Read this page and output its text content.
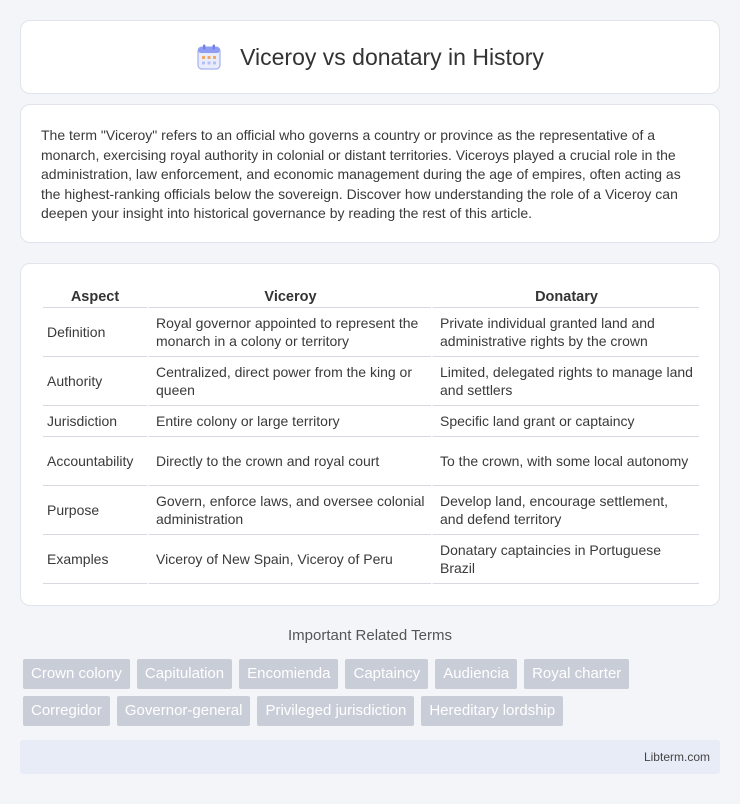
Viceroy vs donatary in History

The term "Viceroy" refers to an official who governs a country or province as the representative of a monarch, exercising royal authority in colonial or distant territories. Viceroys played a crucial role in the administration, law enforcement, and economic management during the age of empires, often acting as the highest-ranking officials below the sovereign. Discover how understanding the role of a Viceroy can deepen your insight into historical governance by reading the rest of this article.

Aspect	Viceroy	Donatary
Definition	Royal governor appointed to represent the monarch in a colony or territory	Private individual granted land and administrative rights by the crown
Authority	Centralized, direct power from the king or queen	Limited, delegated rights to manage land and settlers
Jurisdiction	Entire colony or large territory	Specific land grant or captaincy
Accountability	Directly to the crown and royal court	To the crown, with some local autonomy
Purpose	Govern, enforce laws, and oversee colonial administration	Develop land, encourage settlement, and defend territory
Examples	Viceroy of New Spain, Viceroy of Peru	Donatary captaincies in Portuguese Brazil
Important Related Terms
Crown colony	Capitulation	Encomienda	Captaincy	Audiencia	Royal charter
Corregidor	Governor-general	Privileged jurisdiction	Hereditary lordship
Libterm.com
